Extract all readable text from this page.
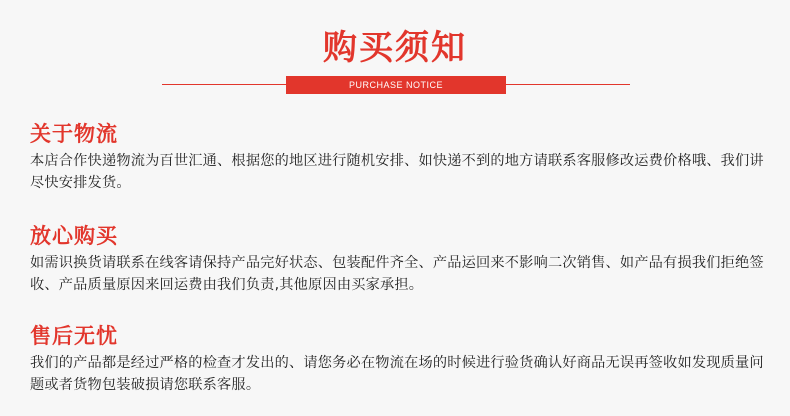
购买须知
PURCHASE NOTICE
关于物流

本店合作快递物流为百世汇通、根据您的地区进行随机安排、如快递不到的地方请联系客服修改运费价格哦、我们讲尽快安排发货。

放心购买

如需识换货请联系在线客请保持产品完好状态、包装配件齐全、产品运回来不影响二次销售、如产品有损我们拒绝签收、产品质量原因来回运费由我们负责,其他原因由买家承担。

售后无忧

我们的产品都是经过严格的检查才发出的、请您务必在物流在场的时候进行验货确认好商品无误再签收如发现质量问题或者货物包装破损请您联系客服。
